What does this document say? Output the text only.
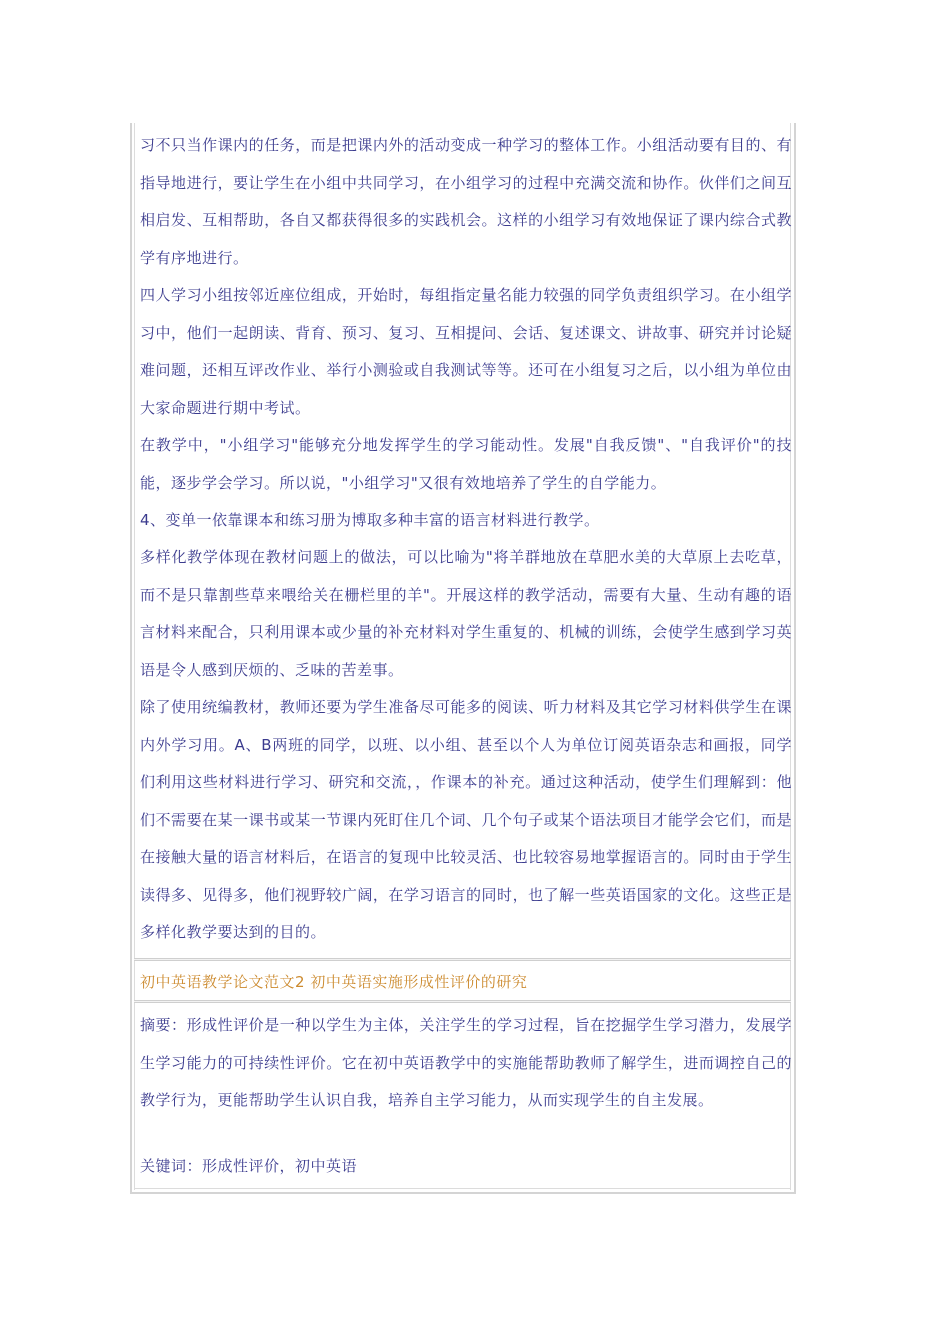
习不只当作课内的任务，而是把课内外的活动变成一种学习的整体工作。小组活动要有目的、有指导地进行，要让学生在小组中共同学习，在小组学习的过程中充满交流和协作。伙伴们之间互相启发、互相帮助，各自又都获得很多的实践机会。这样的小组学习有效地保证了课内综合式教学有序地进行。

四人学习小组按邻近座位组成，开始时，每组指定量名能力较强的同学负责组织学习。在小组学习中，他们一起朗读、背育、预习、复习、互相提问、会话、复述课文、讲故事、研究并讨论疑难问题，还相互评改作业、举行小测验或自我测试等等。还可在小组复习之后，以小组为单位由大家命题进行期中考试。

在教学中，"小组学习"能够充分地发挥学生的学习能动性。发展"自我反馈"、"自我评价"的技能，逐步学会学习。所以说，"小组学习"又很有效地培养了学生的自学能力。

4、变单一依靠课本和练习册为博取多种丰富的语言材料进行教学。

多样化教学体现在教材问题上的做法，可以比喻为"将羊群地放在草肥水美的大草原上去吃草，而不是只靠割些草来喂给关在栅栏里的羊"。开展这样的教学活动，需要有大量、生动有趣的语言材料来配合，只利用课本或少量的补充材料对学生重复的、机械的训练，会使学生感到学习英语是令人感到厌烦的、乏味的苦差事。

除了使用统编教材，教师还要为学生准备尽可能多的阅读、听力材料及其它学习材料供学生在课内外学习用。A、B两班的同学，以班、以小组、甚至以个人为单位订阅英语杂志和画报，同学们利用这些材料进行学习、研究和交流，，作课本的补充。通过这种活动，使学生们理解到：他们不需要在某一课书或某一节课内死盯住几个词、几个句子或某个语法项目才能学会它们，而是在接触大量的语言材料后，在语言的复现中比较灵活、也比较容易地掌握语言的。同时由于学生读得多、见得多，他们视野较广阔，在学习语言的同时，也了解一些英语国家的文化。这些正是多样化教学要达到的目的。

初中英语教学论文范文2 初中英语实施形成性评价的研究

摘要：形成性评价是一种以学生为主体，关注学生的学习过程，旨在挖掘学生学习潜力，发展学生学习能力的可持续性评价。它在初中英语教学中的实施能帮助教师了解学生，进而调控自己的教学行为，更能帮助学生认识自我，培养自主学习能力，从而实现学生的自主发展。

关键词：形成性评价，初中英语
